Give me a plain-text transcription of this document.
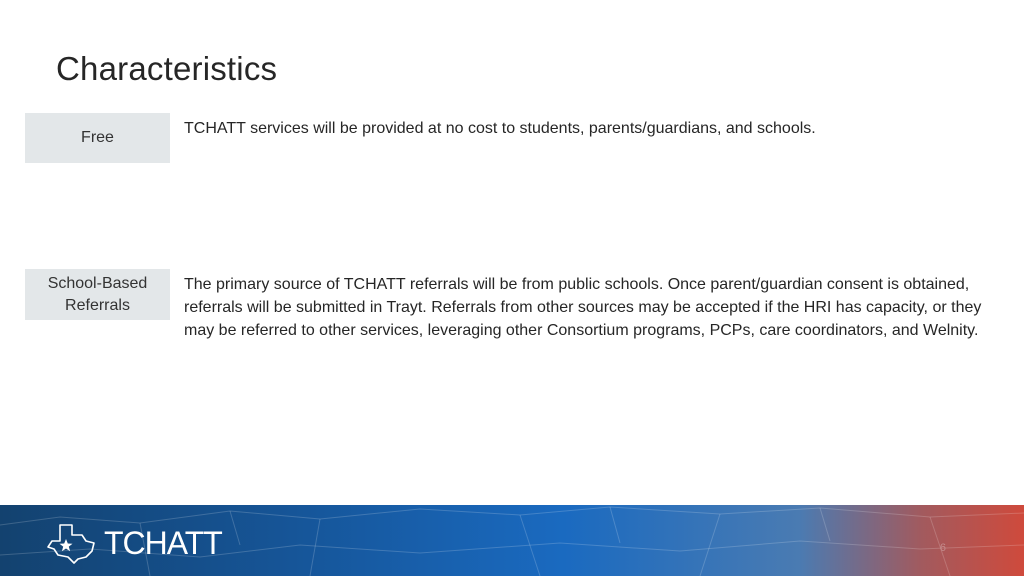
Characteristics
Free

TCHATT services will be provided at no cost to students, parents/guardians, and schools.

School-Based
Referrals

The primary source of TCHATT referrals will be from public schools. Once parent/guardian consent is obtained, referrals will be submitted in Trayt. Referrals from other sources may be accepted if the HRI has capacity, or they may be referred to other services, leveraging other Consortium programs, PCPs, care coordinators, and Welnity.

TCHATT	6
